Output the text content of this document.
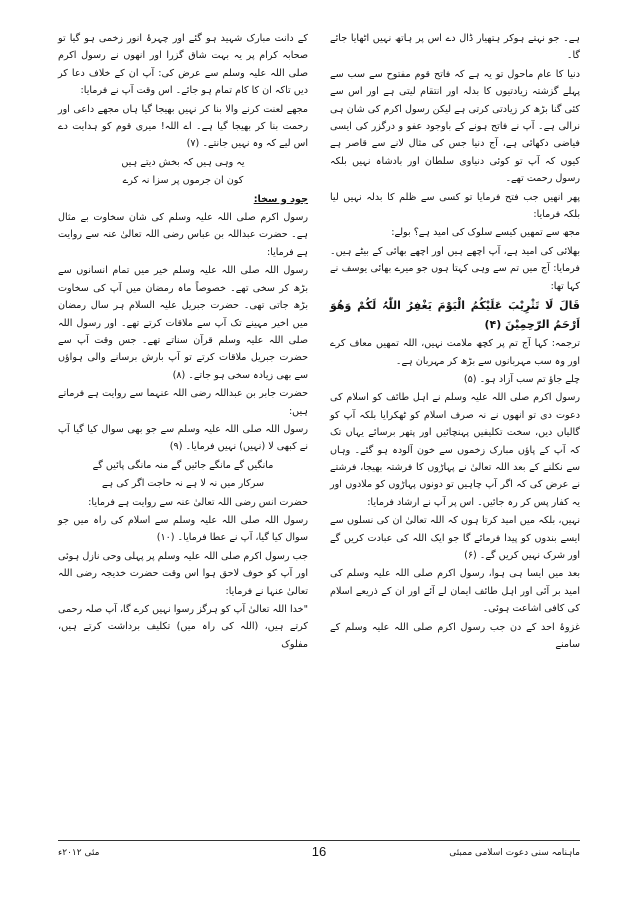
ہے۔ جو نہتے ہوکر ہتھیار ڈال دے اس پر ہاتھ نہیں اٹھایا جائے گا۔

دنیا کا عام ماحول تو یہ ہے کہ فاتح قوم مفتوح سے سب سے پہلے گزشتہ زیادتیوں کا بدلہ اور انتقام لیتی ہے اور اس سے کئی گنا بڑھ کر زیادتی کرتی ہے لیکن رسول اکرم کی شان ہی نرالی ہے۔ آپ نے فاتح ہونے کے باوجود عفو و درگزر کی ایسی فیاضی دکھائی ہے، آج دنیا جس کی مثال لانے سے قاصر ہے کیوں کہ آپ تو کوئی دنیاوی سلطان اور بادشاہ نہیں بلکہ رسول رحمت تھے۔

پھر انھیں جب فتح فرمایا تو کسی سے ظلم کا بدلہ نہیں لیا بلکہ فرمایا:

مجھ سے تمھیں کیسے سلوک کی امید ہے؟ بولے:

بھلائی کی امید ہے، آپ اچھے ہیں اور اچھے بھائی کے بیٹے ہیں۔ فرمایا: آج میں تم سے وہی کہتا ہوں جو میرے بھائی یوسف نے کہا تھا:

قَالَ لَا تَثْرِیْبَ عَلَیْکُمُ الْیَوْمَ یَغْفِرُ اللّٰہُ لَکُمْ وَھُوَ اَرْحَمُ الرّٰحِمِیْنَ (۴)

ترجمہ: کہا آج تم پر کچھ ملامت نہیں، اللہ تمھیں معاف کرے اور وہ سب مہربانوں سے بڑھ کر مہربان ہے۔

چلے جاؤ تم سب آزاد ہو۔ (۵)

رسول اکرم صلی اللہ علیہ وسلم نے اہل طائف کو اسلام کی دعوت دی تو انھوں نے نہ صرف اسلام کو ٹھکرایا بلکہ آپ کو گالیاں دیں، سخت تکلیفیں پہنچائیں اور پتھر برسائے یہاں تک کہ آپ کے پاؤں مبارک زخموں سے خون آلودہ ہو گئے۔ وہاں سے نکلنے کے بعد اللہ تعالیٰ نے پہاڑوں کا فرشتہ بھیجا، فرشتے نے عرض کی کہ اگر آپ چاہیں تو دونوں پہاڑوں کو ملادوں اور یہ کفار پس کر رہ جائیں۔ اس پر آپ نے ارشاد فرمایا:

نہیں، بلکہ میں امید کرتا ہوں کہ اللہ تعالیٰ ان کی نسلوں سے ایسے بندوں کو پیدا فرمائے گا جو ایک اللہ کی عبادت کریں گے اور شرک نہیں کریں گے۔ (۶)

بعد میں ایسا ہی ہوا، رسول اکرم صلی اللہ علیہ وسلم کی امید بر آئی اور اہل طائف ایمان لے آئے اور ان کے ذریعے اسلام کی کافی اشاعت ہوئی۔

غزوۂ احد کے دن جب رسول اکرم صلی اللہ علیہ وسلم کے سامنے

کے دانت مبارک شہید ہو گئے اور چہرۂ انور زخمی ہو گیا تو صحابہ کرام پر یہ بہت شاق گزرا اور انھوں نے رسول اکرم صلی اللہ علیہ وسلم سے عرض کی: آپ ان کے خلاف دعا کر دیں تاکہ ان کا کام تمام ہو جائے۔ اس وقت آپ نے فرمایا:

مجھے لعنت کرنے والا بنا کر نہیں بھیجا گیا ہاں مجھے داعی اور رحمت بنا کر بھیجا گیا ہے۔ اے اللہ! میری قوم کو ہدایت دے اس لیے کہ وہ نہیں جانتے۔ (۷)

یہ وہی ہیں کہ بخش دیتے ہیں

کون ان جرموں پر سزا نہ کرے

جود و سخا:

رسول اکرم صلی اللہ علیہ وسلم کی شان سخاوت بے مثال ہے۔ حضرت عبداللہ بن عباس رضی اللہ تعالیٰ عنہ سے روایت ہے فرمایا:

رسول اللہ صلی اللہ علیہ وسلم خیر میں تمام انسانوں سے بڑھ کر سخی تھے۔ خصوصاً ماہ رمضان میں آپ کی سخاوت بڑھ جاتی تھی۔ حضرت جبریل علیہ السلام ہر سال رمضان میں اخیر مہینے تک آپ سے ملاقات کرتے تھے۔ اور رسول اللہ صلی اللہ علیہ وسلم قرآن سناتے تھے۔ جس وقت آپ سے حضرت جبریل ملاقات کرتے تو آپ بارش برسانے والی ہواؤں سے بھی زیادہ سخی ہو جاتے۔ (۸)

حضرت جابر بن عبداللہ رضی اللہ عنہما سے روایت ہے فرماتے ہیں:

رسول اللہ صلی اللہ علیہ وسلم سے جو بھی سوال کیا گیا آپ نے کبھی لا (نہیں) نہیں فرمایا۔ (۹)

مانگیں گے مانگے جائیں گے منہ مانگی پائیں گے

سرکار میں نہ لا ہے نہ حاجت اگر کی ہے

حضرت انس رضی اللہ تعالیٰ عنہ سے روایت ہے فرمایا:

رسول اللہ صلی اللہ علیہ وسلم سے اسلام کی راہ میں جو سوال کیا گیا، آپ نے عطا فرمایا۔ (۱۰)

جب رسول اکرم صلی اللہ علیہ وسلم پر پہلی وحی نازل ہوئی اور آپ کو خوف لاحق ہوا اس وقت حضرت خدیجہ رضی اللہ تعالیٰ عنہا نے فرمایا:

"خدا اللہ تعالیٰ آپ کو ہرگز رسوا نہیں کرے گا، آپ صلہ رحمی کرتے ہیں، (اللہ کی راہ میں) تکلیف برداشت کرتے ہیں، مفلوک

ماہنامہ سنی دعوت اسلامی ممبئی
16
مئی ۲۰۱۲ء
